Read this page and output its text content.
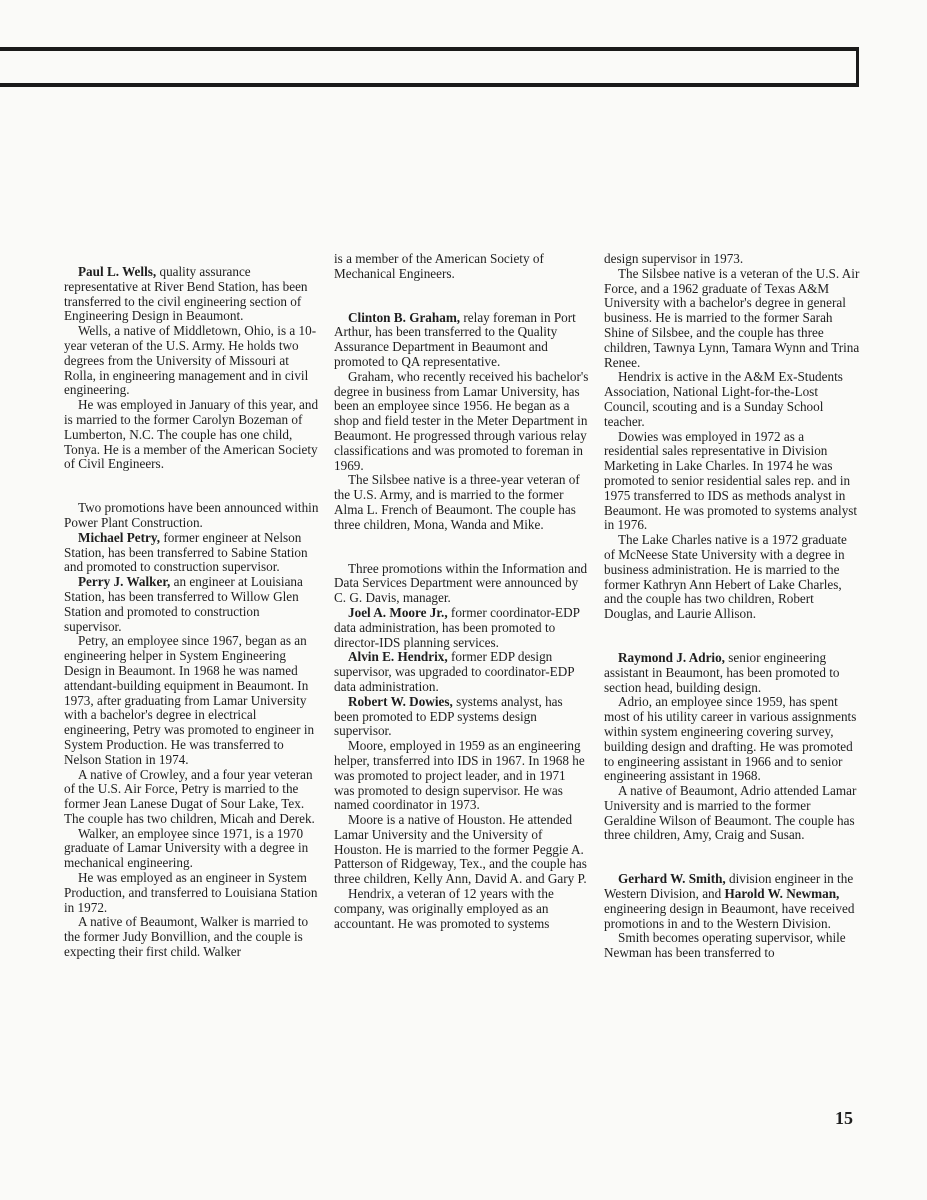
Paul L. Wells, quality assurance representative at River Bend Station, has been transferred to the civil engineering section of Engineering Design in Beaumont.

Wells, a native of Middletown, Ohio, is a 10-year veteran of the U.S. Army. He holds two degrees from the University of Missouri at Rolla, in engineering management and in civil engineering.

He was employed in January of this year, and is married to the former Carolyn Bozeman of Lumberton, N.C. The couple has one child, Tonya. He is a member of the American Society of Civil Engineers.

Two promotions have been announced within Power Plant Construction.

Michael Petry, former engineer at Nelson Station, has been transferred to Sabine Station and promoted to construction supervisor.

Perry J. Walker, an engineer at Louisiana Station, has been transferred to Willow Glen Station and promoted to construction supervisor.

Petry, an employee since 1967, began as an engineering helper in System Engineering Design in Beaumont. In 1968 he was named attendant-building equipment in Beaumont. In 1973, after graduating from Lamar University with a bachelor's degree in electrical engineering, Petry was promoted to engineer in System Production. He was transferred to Nelson Station in 1974.

A native of Crowley, and a four year veteran of the U.S. Air Force, Petry is married to the former Jean Lanese Dugat of Sour Lake, Tex. The couple has two children, Micah and Derek.

Walker, an employee since 1971, is a 1970 graduate of Lamar University with a degree in mechanical engineering.

He was employed as an engineer in System Production, and transferred to Louisiana Station in 1972.

A native of Beaumont, Walker is married to the former Judy Bonvillion, and the couple is expecting their first child. Walker

is a member of the American Society of Mechanical Engineers.

Clinton B. Graham, relay foreman in Port Arthur, has been transferred to the Quality Assurance Department in Beaumont and promoted to QA representative.

Graham, who recently received his bachelor's degree in business from Lamar University, has been an employee since 1956. He began as a shop and field tester in the Meter Department in Beaumont. He progressed through various relay classifications and was promoted to foreman in 1969.

The Silsbee native is a three-year veteran of the U.S. Army, and is married to the former Alma L. French of Beaumont. The couple has three children, Mona, Wanda and Mike.

Three promotions within the Information and Data Services Department were announced by C. G. Davis, manager.

Joel A. Moore Jr., former coordinator-EDP data administration, has been promoted to director-IDS planning services.

Alvin E. Hendrix, former EDP design supervisor, was upgraded to coordinator-EDP data administration.

Robert W. Dowies, systems analyst, has been promoted to EDP systems design supervisor.

Moore, employed in 1959 as an engineering helper, transferred into IDS in 1967. In 1968 he was promoted to project leader, and in 1971 was promoted to design supervisor. He was named coordinator in 1973.

Moore is a native of Houston. He attended Lamar University and the University of Houston. He is married to the former Peggie A. Patterson of Ridgeway, Tex., and the couple has three children, Kelly Ann, David A. and Gary P.

Hendrix, a veteran of 12 years with the company, was originally employed as an accountant. He was promoted to systems

design supervisor in 1973.

The Silsbee native is a veteran of the U.S. Air Force, and a 1962 graduate of Texas A&M University with a bachelor's degree in general business. He is married to the former Sarah Shine of Silsbee, and the couple has three children, Tawnya Lynn, Tamara Wynn and Trina Renee.

Hendrix is active in the A&M Ex-Students Association, National Light-for-the-Lost Council, scouting and is a Sunday School teacher.

Dowies was employed in 1972 as a residential sales representative in Division Marketing in Lake Charles. In 1974 he was promoted to senior residential sales rep. and in 1975 transferred to IDS as methods analyst in Beaumont. He was promoted to systems analyst in 1976.

The Lake Charles native is a 1972 graduate of McNeese State University with a degree in business administration. He is married to the former Kathryn Ann Hebert of Lake Charles, and the couple has two children, Robert Douglas, and Laurie Allison.

Raymond J. Adrio, senior engineering assistant in Beaumont, has been promoted to section head, building design.

Adrio, an employee since 1959, has spent most of his utility career in various assignments within system engineering covering survey, building design and drafting. He was promoted to engineering assistant in 1966 and to senior engineering assistant in 1968.

A native of Beaumont, Adrio attended Lamar University and is married to the former Geraldine Wilson of Beaumont. The couple has three children, Amy, Craig and Susan.

Gerhard W. Smith, division engineer in the Western Division, and Harold W. Newman, engineering design in Beaumont, have received promotions in and to the Western Division.

Smith becomes operating supervisor, while Newman has been transferred to

15
